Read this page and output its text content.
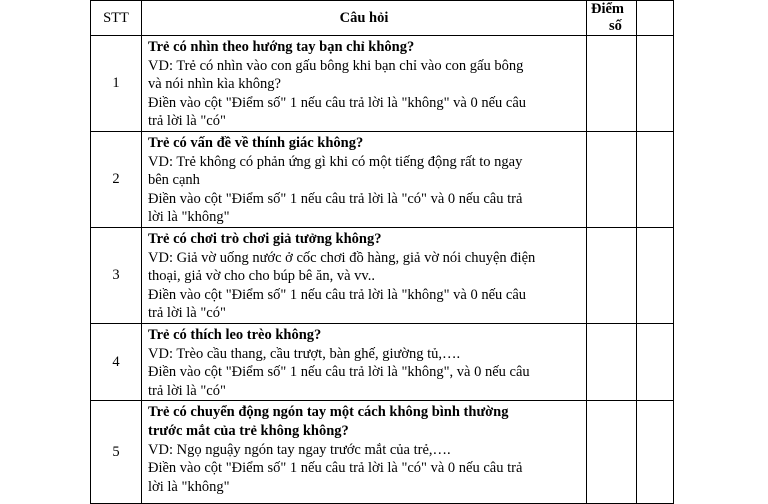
STT	Câu hỏi	Điểmsố	
1	Trẻ có nhìn theo hướng tay bạn chỉ không?
VD: Trẻ có nhìn vào con gấu bông khi bạn chỉ vào con gấu bông
và nói nhìn kìa không?
Điền vào cột "Điểm số" 1 nếu câu trả lời là "không" và 0 nếu câu
trả lời là "có"		

2	Trẻ có vấn đề về thính giác không?
VD: Trẻ không có phản ứng gì khi có một tiếng động rất to ngay
bên cạnh
Điền vào cột "Điểm số" 1 nếu câu trả lời là "có" và 0 nếu câu trả
lời là "không"		

3	Trẻ có chơi trò chơi giả tưởng không?
VD: Giả vờ uống nước ở cốc chơi đồ hàng, giả vờ nói chuyện điện
thoại, giả vờ cho cho búp bê ăn, và vv..
Điền vào cột "Điểm số" 1 nếu câu trả lời là "không" và 0 nếu câu
trả lời là "có"		

4	Trẻ có thích leo trèo không?
VD: Trèo cầu thang, cầu trượt, bàn ghế, giường tủ,….
Điền vào cột "Điểm số" 1 nếu câu trả lời là "không", và 0 nếu câu
trả lời là "có"		

5	Trẻ có chuyển động ngón tay một cách không bình thường
trước mắt của trẻ không không?
VD: Ngọ nguậy ngón tay ngay trước mắt của trẻ,….
Điền vào cột "Điểm số" 1 nếu câu trả lời là "có" và 0 nếu câu trả
lời là "không"		
